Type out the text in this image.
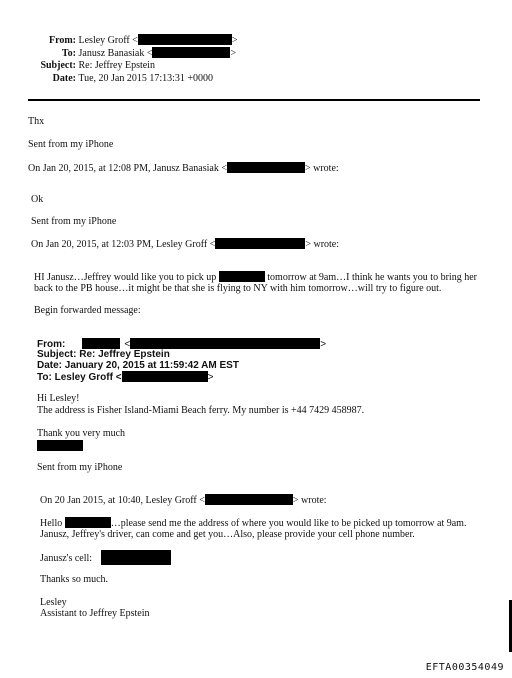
From: Lesley Groff <	>
To: Janusz Banasiak <	>
Subject: Re: Jeffrey Epstein
Date: Tue, 20 Jan 2015 17:13:31 +0000
Thx
Sent from my iPhone
On Jan 20, 2015, at 12:08 PM, Janusz Banasiak <	> wrote:
Ok
Sent from my iPhone
On Jan 20, 2015, at 12:03 PM, Lesley Groff <	> wrote:
HI Janusz…Jeffrey would like you to pick up	tomorrow at 9am…I think he wants you to bring her
back to the PB house…it might be that she is flying to NY with him tomorrow…will try to figure out.
Begin forwarded message:
From:	<	>
Subject: Re: Jeffrey Epstein
Date: January 20, 2015 at 11:59:42 AM EST
To: Lesley Groff <	>
Hi Lesley!
The address is Fisher Island-Miami Beach ferry. My number is +44 7429 458987.
Thank you very much
Sent from my iPhone
On 20 Jan 2015, at 10:40, Lesley Groff <	> wrote:
Hello	…please send me the address of where you would like to be picked up tomorrow at 9am.
Janusz, Jeffrey's driver, can come and get you…Also, please provide your cell phone number.
Janusz's cell:
Thanks so much.
Lesley
Assistant to Jeffrey Epstein
EFTA00354049
